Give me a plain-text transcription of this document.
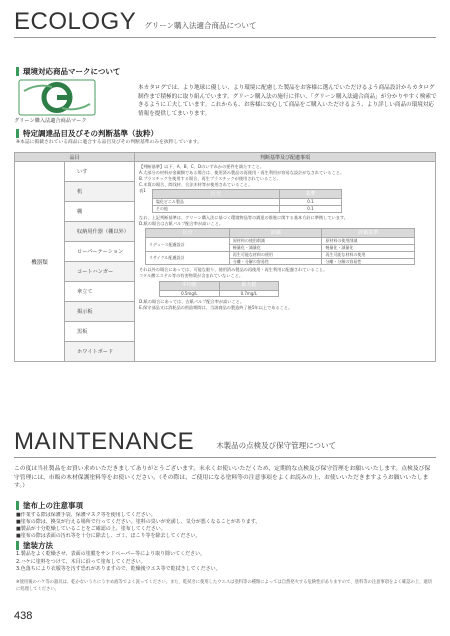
ECOLOGY グリーン購入法適合商品について
環境対応商品マークについて
グリーン購入法適合商品マーク
本カタログでは、より地球に優しい、より環境に配慮した製品をお客様に選んでいただけるよう商品設計からカタログ制作まで積極的に取り組んでいます。グリーン購入法の施行に伴い、「グリーン購入法適合商品」が分かりやすく検索できるように工夫しています。これからも、お客様に安心して商品をご購入いただけるよう、より詳しい商品の環境対応情報を提供してまいります。
特定調達品目及びその判断基準（抜粋）
※本誌に掲載されている商品に適合する品目及びその判断基準のみを抜粋しています。
品目	判断基準及び配慮事項
機器類	いす	
【判断基準】以下、A、B、C、Dのいずれかの要件を満たすこと。
A.大部分の材料が金属類である場合は、使用済み製品の再使用・再生利用が容易な設計がなされていること。
B.プラスチックを使用する場合、再生プラスチックが使用されていること。
C.木質の場合、間伐材、合法木材等が使用されていること。
表1	区分	基準
塩化ビニル製品	0.1
その他	0.1
なお、上記判断基準は、グリーン購入法に基づく環境物品等の調達の推進に関する基本方針に準拠しています。
D.紙の場合は古紙パルプ配合率が高いこと。
区分	評価	評価基準
リデュース配慮設計	原材料の使用削減	原材料の使用削減
軽量化・減量化	軽量化・減量化
リサイクル配慮設計	再生可能な材料の使用	再生可能な材料の使用
分離・分解の容易性	分離・分解の容易性
それ以外の場合にあっては、可能な限り、使用済み製品の再使用・再生利用に配慮されていること。
フタル酸エステル等の有害物質が含まれていないこと。
平均値	最大値
0.5mg/L	0.7mg/L
D.紙の場合にあっては、古紙パルプ配合率が高いこと。
E.保守部品又は消耗品の供給期間は、当該商品の製造終了後5年以上であること。

机
棚
収納用什器（棚以外）
ローパーテーション
コートハンガー
傘立て
掲示板
黒板
ホワイトボード
MAINTENANCE	木製品の点検及び保守管理について
この度は当社製品をお買い求めいただきましてありがとうございます。末永くお使いいただくため、定期的な点検及び保守管理をお願いいたします。点検及び保守管理には、市販の木材保護塗料等をお使いください。（その際は、ご使用になる塗料等の注意事項をよくお読みの上、お使いいただきますようお願いいたします。）
塗布上の注意事項
■作業する際は保護手袋、保護マスク等を使用してください。
■塗布の際は、換気が行える場所で行ってください。塗料の臭いが充満し、気分が悪くなることがあります。
■製品が十分乾燥していることをご確認の上、塗布してください。
■塗布の際は表面の汚れ等を十分に除去し、ゴミ、ほこり等を除去してください。
塗装方法
1.製品をよく乾燥させ、表面の塗膜をサンドペーパー等により取り除いてください。
2.ハケに塗料をつけて、木目に沿って塗布してください。
3.色落ちにより衣服等を汚す恐れがありますので、乾燥後ウエス等で乾拭きしてください。
※使用後のハケ等の器具は、乾かないうちにうすめ液等でよく洗ってください。また、乾拭きに使用したウエスは塗料等の種類によっては自然発火する危険性がありますので、塗料等の注意事項をよく確認の上、適切に処理してください。
438
